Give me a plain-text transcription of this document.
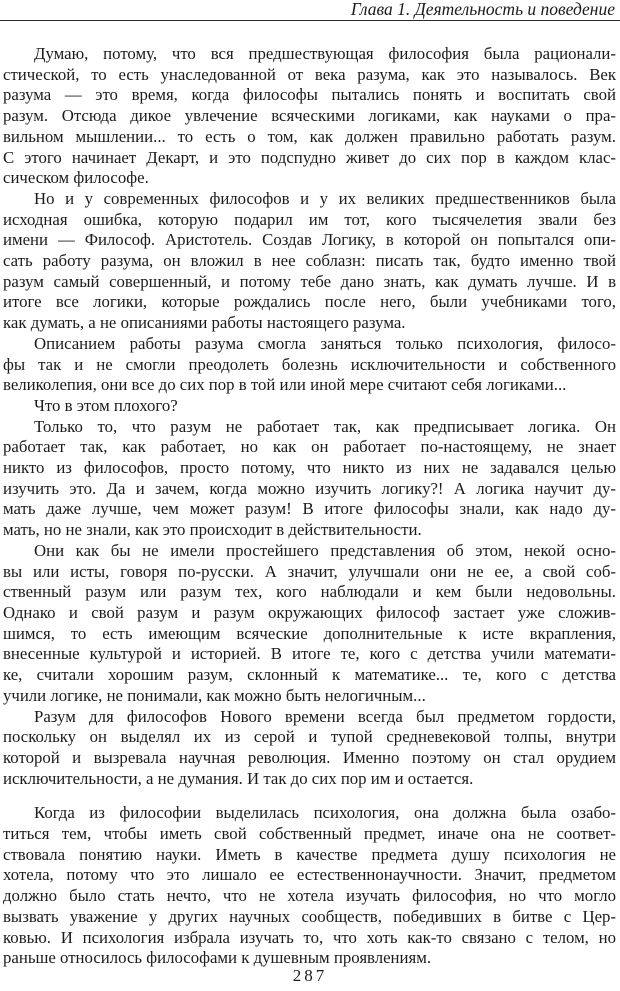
Глава 1. Деятельность и поведение

Думаю, потому, что вся предшествующая философия была рационали-
стической, то есть унаследованной от века разума, как это называлось. Век
разума — это время, когда философы пытались понять и воспитать свой
разум. Отсюда дикое увлечение всяческими логиками, как науками о пра-
вильном мышлении... то есть о том, как должен правильно работать разум.
С этого начинает Декарт, и это подспудно живет до сих пор в каждом клас-
сическом философе.

Но и у современных философов и у их великих предшественников была
исходная ошибка, которую подарил им тот, кого тысячелетия звали без
имени — Философ. Аристотель. Создав Логику, в которой он попытался опи-
сать работу разума, он вложил в нее соблазн: писать так, будто именно твой
разум самый совершенный, и потому тебе дано знать, как думать лучше. И в
итоге все логики, которые рождались после него, были учебниками того,
как думать, а не описаниями работы настоящего разума.

Описанием работы разума смогла заняться только психология, филосо-
фы так и не смогли преодолеть болезнь исключительности и собственного
великолепия, они все до сих пор в той или иной мере считают себя логиками...

Что в этом плохого?

Только то, что разум не работает так, как предписывает логика. Он
работает так, как работает, но как он работает по-настоящему, не знает
никто из философов, просто потому, что никто из них не задавался целью
изучить это. Да и зачем, когда можно изучить логику?! А логика научит ду-
мать даже лучше, чем может разум! В итоге философы знали, как надо ду-
мать, но не знали, как это происходит в действительности.

Они как бы не имели простейшего представления об этом, некой осно-
вы или исты, говоря по-русски. А значит, улучшали они не ее, а свой соб-
ственный разум или разум тех, кого наблюдали и кем были недовольны.
Однако и свой разум и разум окружающих философ застает уже сложив-
шимся, то есть имеющим всяческие дополнительные к исте вкрапления,
внесенные культурой и историей. В итоге те, кого с детства учили математи-
ке, считали хорошим разум, склонный к математике... те, кого с детства
учили логике, не понимали, как можно быть нелогичным...

Разум для философов Нового времени всегда был предметом гордости,
поскольку он выделял их из серой и тупой средневековой толпы, внутри
которой и вызревала научная революция. Именно поэтому он стал орудием
исключительности, а не думания. И так до сих пор им и остается.

Когда из философии выделилась психология, она должна была озабо-
титься тем, чтобы иметь свой собственный предмет, иначе она не соответ-
ствовала понятию науки. Иметь в качестве предмета душу психология не
хотела, потому что это лишало ее естественнонаучности. Значит, предметом
должно было стать нечто, что не хотела изучать философия, но что могло
вызвать уважение у других научных сообществ, победивших в битве с Цер-
ковью. И психология избрала изучать то, что хоть как-то связано с телом, но
раньше относилось философами к душевным проявлениям.

287
